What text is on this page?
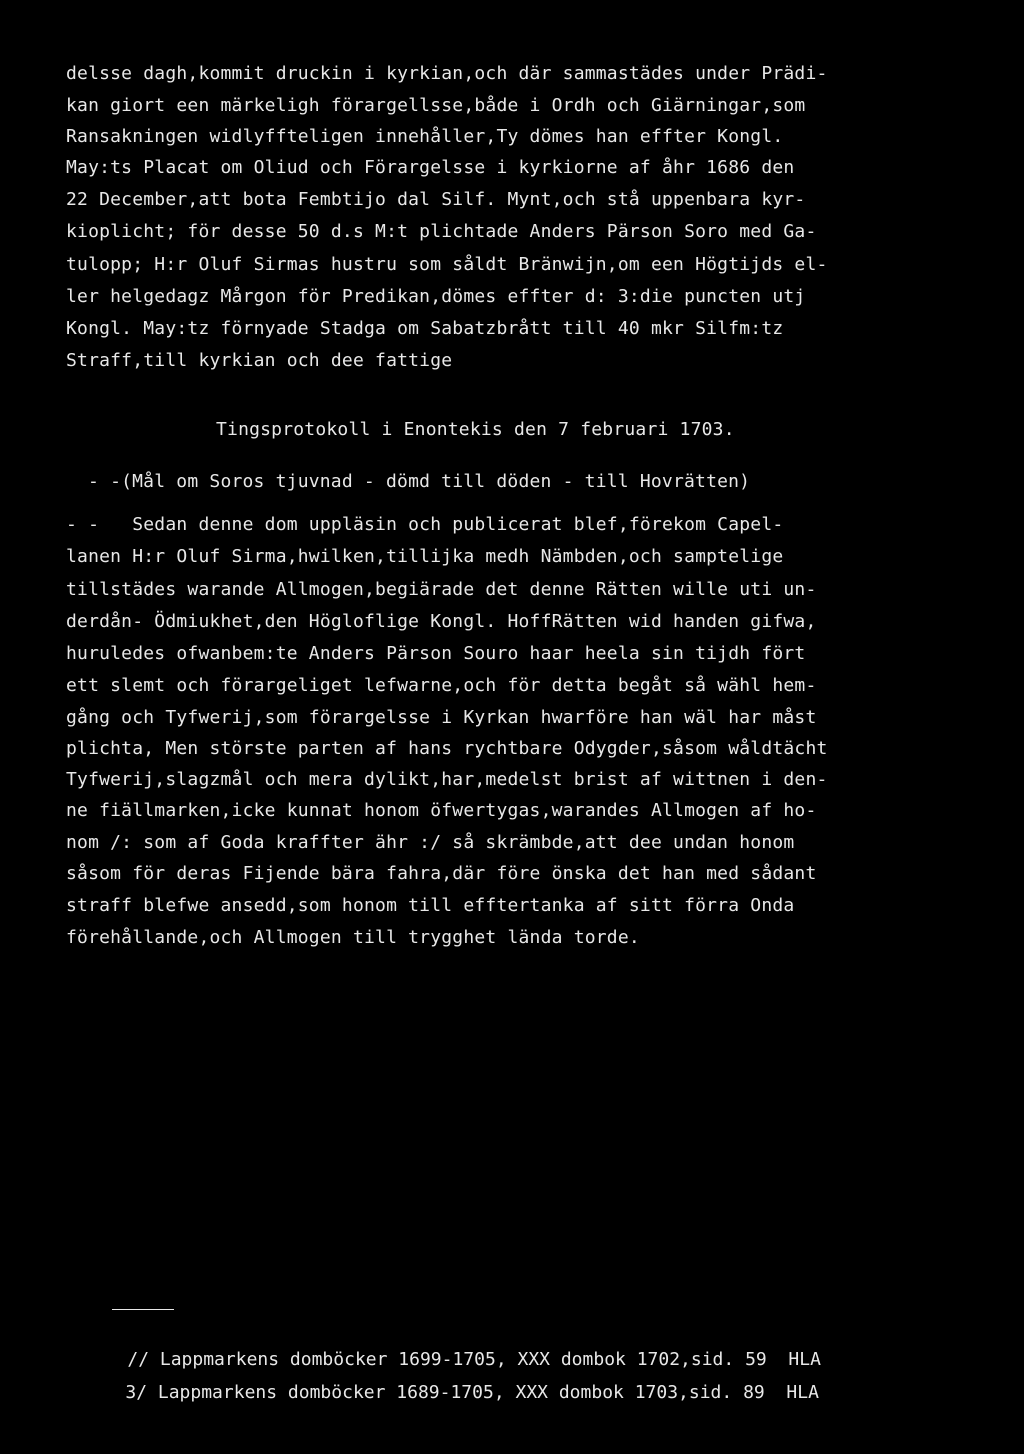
delsse dagh,kommit druckin i kyrkian,och där sammastädes under Prädi-
kan giort een märkeligh förargellsse,både i Ordh och Giärningar,som
Ransakningen widlyffteligen innehåller,Ty dömes han effter Kongl.
May:ts Placat om Oliud och Förargelsse i kyrkiorne af åhr 1686 den
22 December,att bota Fembtijo dal Silf. Mynt,och stå uppenbara kyr-
kioplicht; för desse 50 d.s M:t plichtade Anders Pärson Soro med Ga-
tulopp; H:r Oluf Sirmas hustru som såldt Bränwijn,om een Högtijds el-
ler helgedagz Mårgon för Predikan,dömes effter d: 3:die puncten utj
Kongl. May:tz förnyade Stadga om Sabatzbrått till 40 mkr Silfm:tz
Straff,till kyrkian och dee fattige
Tingsprotokoll i Enontekis den 7 februari 1703.
- -(Mål om Soros tjuvnad - dömd till döden - till Hovrätten)
- -   Sedan denne dom uppläsin och publicerat blef,förekom Capel-
lanen H:r Oluf Sirma,hwilken,tillijka medh Nämbden,och samptelige
tillstädes warande Allmogen,begiärade det denne Rätten wille uti un-
derdån- Ödmiukhet,den Högloflige Kongl. HoffRätten wid handen gifwa,
huruledes ofwanbem:te Anders Pärson Souro haar heela sin tijdh fört
ett slemt och förargeliget lefwarne,och för detta begåt så wähl hem-
gång och Tyfwerij,som förargelsse i Kyrkan hwarföre han wäl har måst
plichta, Men störste parten af hans rychtbare Odygder,såsom wåldtächt
Tyfwerij,slagzmål och mera dylikt,har,medelst brist af wittnen i den-
ne fiällmarken,icke kunnat honom öfwertygas,warandes Allmogen af ho-
nom /: som af Goda kraffter ähr :/ så skrämbde,att dee undan honom
såsom för deras Fijende bära fahra,där före önska det han med sådant
straff blefwe ansedd,som honom till efftertanka af sitt förra Onda
förehållande,och Allmogen till trygghet lända torde.

// Lappmarkens domböcker 1699-1705, XXX dombok 1702,sid. 59  HLA

3/ Lappmarkens domböcker 1689-1705, XXX dombok 1703,sid. 89  HLA
